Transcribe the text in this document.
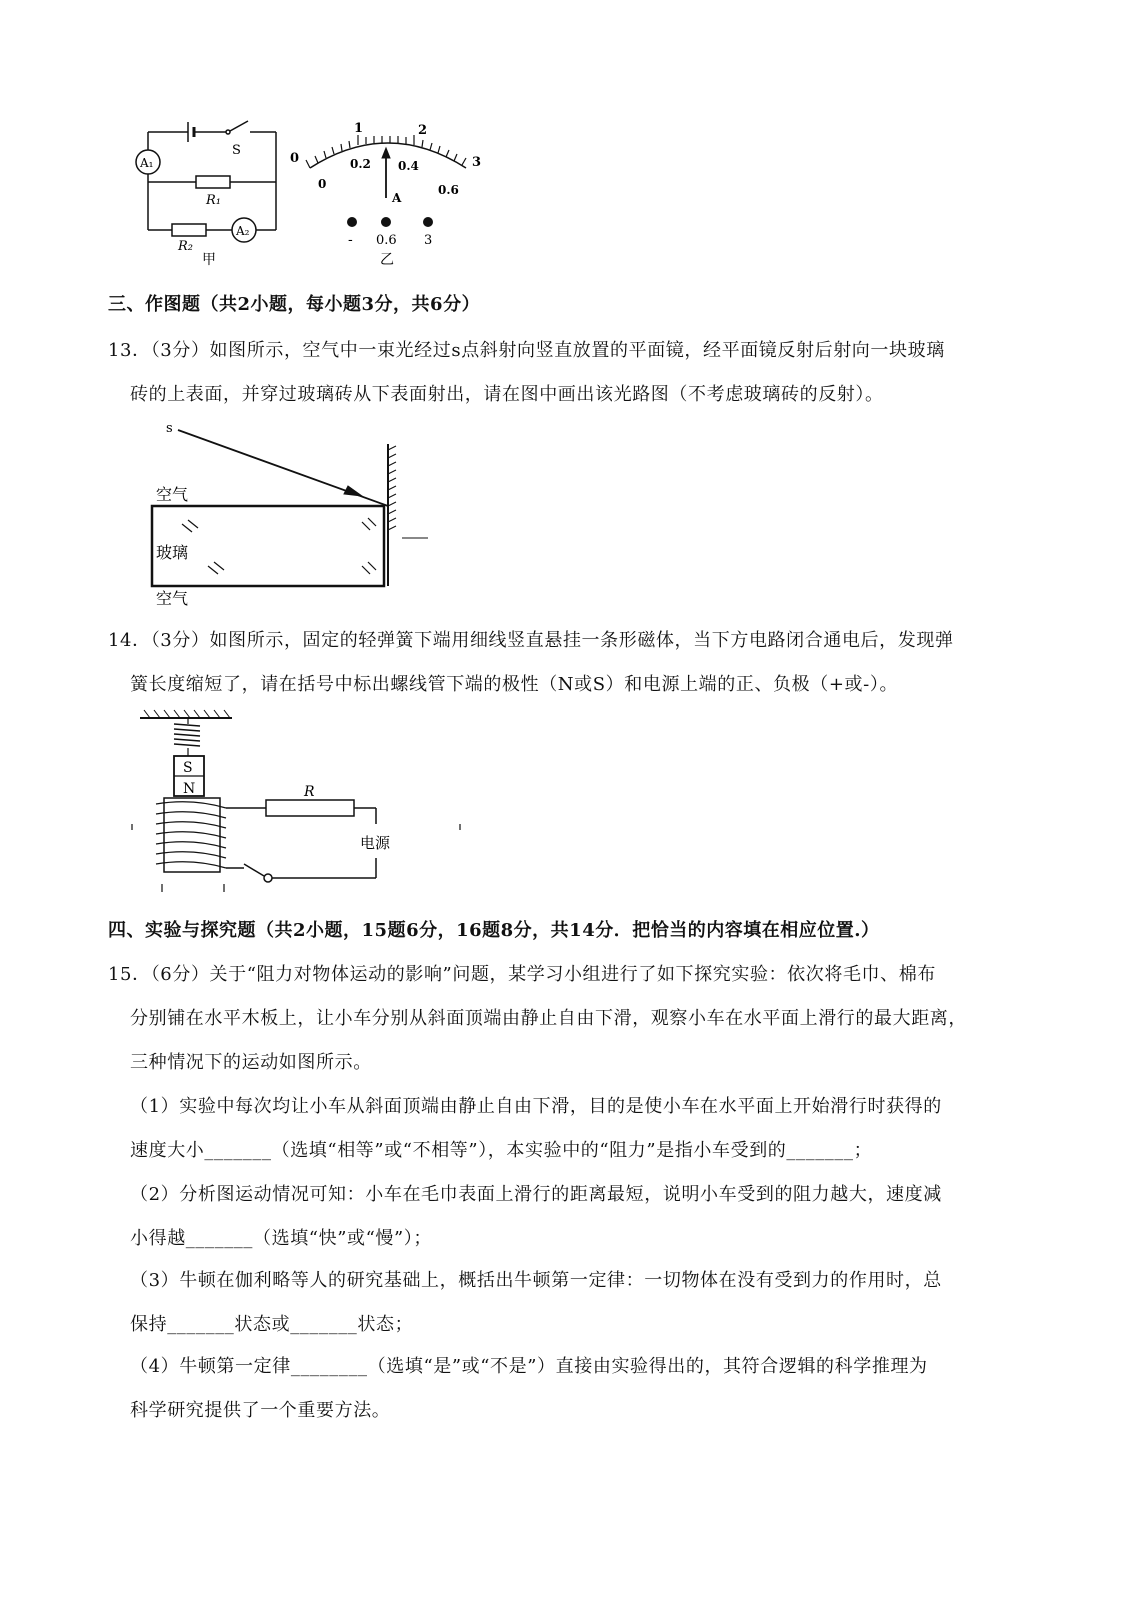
A₁
A₂
S
R₁
R₂
甲
0
1	2
3
0
0.2 0.4
0.6
A
- 0.6 3
乙
三、作图题（共2小题，每小题3分，共6分）
13．（3分）如图所示，空气中一束光经过s点斜射向竖直放置的平面镜，经平面镜反射后射向一块玻璃
砖的上表面，并穿过玻璃砖从下表面射出，请在图中画出该光路图（不考虑玻璃砖的反射）。
s
空气
玻璃
空气
14．（3分）如图所示，固定的轻弹簧下端用细线竖直悬挂一条形磁体，当下方电路闭合通电后，发现弹
簧长度缩短了，请在括号中标出螺线管下端的极性（N或S）和电源上端的正、负极（+或-）。
S
N	R
电源
四、实验与探究题（共2小题，15题6分，16题8分，共14分．把恰当的内容填在相应位置.）
15．（6分）关于“阻力对物体运动的影响”问题，某学习小组进行了如下探究实验：依次将毛巾、棉布
分别铺在水平木板上，让小车分别从斜面顶端由静止自由下滑，观察小车在水平面上滑行的最大距离，
三种情况下的运动如图所示。
（1）实验中每次均让小车从斜面顶端由静止自由下滑，目的是使小车在水平面上开始滑行时获得的
速度大小_______（选填“相等”或“不相等”），本实验中的“阻力”是指小车受到的_______；
（2）分析图运动情况可知：小车在毛巾表面上滑行的距离最短，说明小车受到的阻力越大，速度减
小得越_______（选填“快”或“慢”）；
（3）牛顿在伽利略等人的研究基础上，概括出牛顿第一定律：一切物体在没有受到力的作用时，总
保持_______状态或_______状态；
（4）牛顿第一定律________（选填“是”或“不是”）直接由实验得出的，其符合逻辑的科学推理为
科学研究提供了一个重要方法。
